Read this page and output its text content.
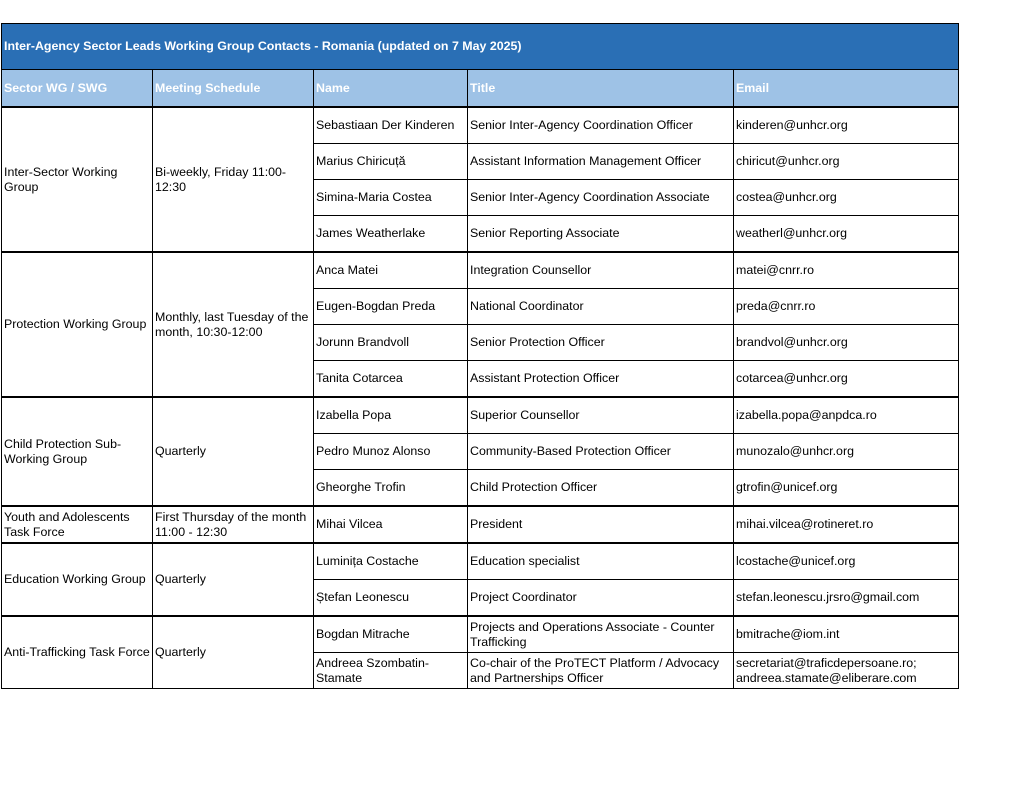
Inter-Agency Sector Leads Working Group Contacts - Romania (updated on 7 May 2025)				
Sector WG / SWG	Meeting Schedule	Name	Title	Email
Inter-Sector Working Group	Bi-weekly, Friday 11:00-12:30	Sebastiaan Der Kinderen	Senior Inter-Agency Coordination Officer	kinderen@unhcr.org
		Marius Chiricuță	Assistant Information Management Officer	chiricut@unhcr.org
		Simina-Maria Costea	Senior Inter-Agency Coordination Associate	costea@unhcr.org
		James Weatherlake	Senior Reporting Associate	weatherl@unhcr.org
Protection Working Group	Monthly, last Tuesday of the month, 10:30-12:00	Anca Matei	Integration Counsellor	matei@cnrr.ro
		Eugen-Bogdan Preda	National Coordinator	preda@cnrr.ro
		Jorunn Brandvoll	Senior Protection Officer	brandvol@unhcr.org
		Tanita Cotarcea	Assistant Protection Officer	cotarcea@unhcr.org
Child Protection Sub-Working Group	Quarterly	Izabella Popa	Superior Counsellor	izabella.popa@anpdca.ro
		Pedro Munoz Alonso	Community-Based Protection Officer	munozalo@unhcr.org
		Gheorghe Trofin	Child Protection Officer	gtrofin@unicef.org
Youth and Adolescents Task Force	First Thursday of the month 11:00 - 12:30	Mihai Vilcea	President	mihai.vilcea@rotineret.ro
Education Working Group	Quarterly	Luminița Costache	Education specialist	lcostache@unicef.org
		Ștefan Leonescu	Project Coordinator	stefan.leonescu.jrsro@gmail.com
Anti-Trafficking Task Force	Quarterly	Bogdan Mitrache	Projects and Operations Associate - Counter Trafficking	bmitrache@iom.int
		Andreea Szombatin-Stamate	Co-chair of the ProTECT Platform / Advocacy and Partnerships Officer	secretariat@traficdepersoane.ro; andreea.stamate@eliberare.com
